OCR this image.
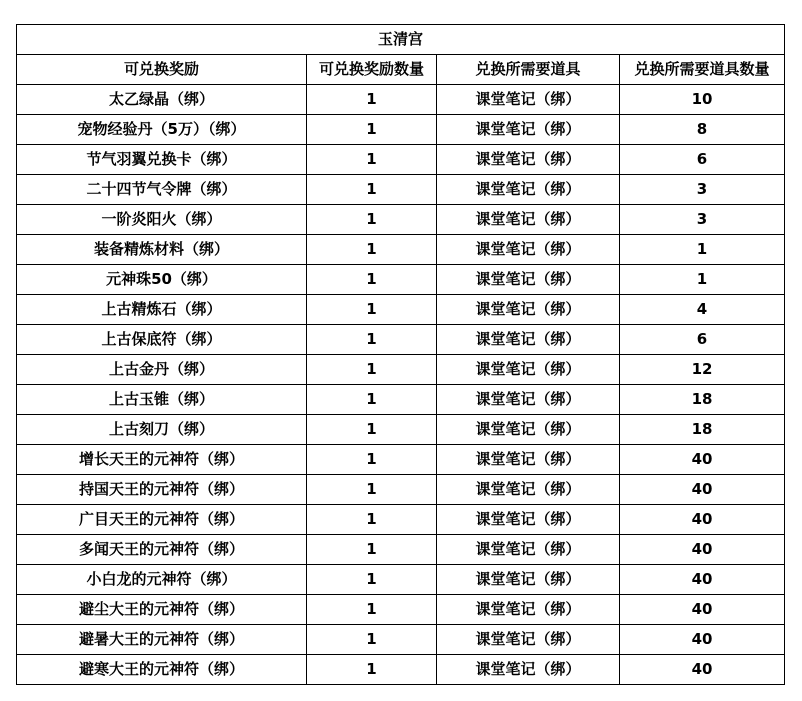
玉清宫			
可兑换奖励	可兑换奖励数量	兑换所需要道具	兑换所需要道具数量
太乙绿晶（绑）	1	课堂笔记（绑）	10
宠物经验丹（5万）（绑）	1	课堂笔记（绑）	8
节气羽翼兑换卡（绑）	1	课堂笔记（绑）	6
二十四节气令牌（绑）	1	课堂笔记（绑）	3
一阶炎阳火（绑）	1	课堂笔记（绑）	3
装备精炼材料（绑）	1	课堂笔记（绑）	1
元神珠50（绑）	1	课堂笔记（绑）	1
上古精炼石（绑）	1	课堂笔记（绑）	4
上古保底符（绑）	1	课堂笔记（绑）	6
上古金丹（绑）	1	课堂笔记（绑）	12
上古玉锥（绑）	1	课堂笔记（绑）	18
上古刻刀（绑）	1	课堂笔记（绑）	18
增长天王的元神符（绑）	1	课堂笔记（绑）	40
持国天王的元神符（绑）	1	课堂笔记（绑）	40
广目天王的元神符（绑）	1	课堂笔记（绑）	40
多闻天王的元神符（绑）	1	课堂笔记（绑）	40
小白龙的元神符（绑）	1	课堂笔记（绑）	40
避尘大王的元神符（绑）	1	课堂笔记（绑）	40
避暑大王的元神符（绑）	1	课堂笔记（绑）	40
避寒大王的元神符（绑）	1	课堂笔记（绑）	40
